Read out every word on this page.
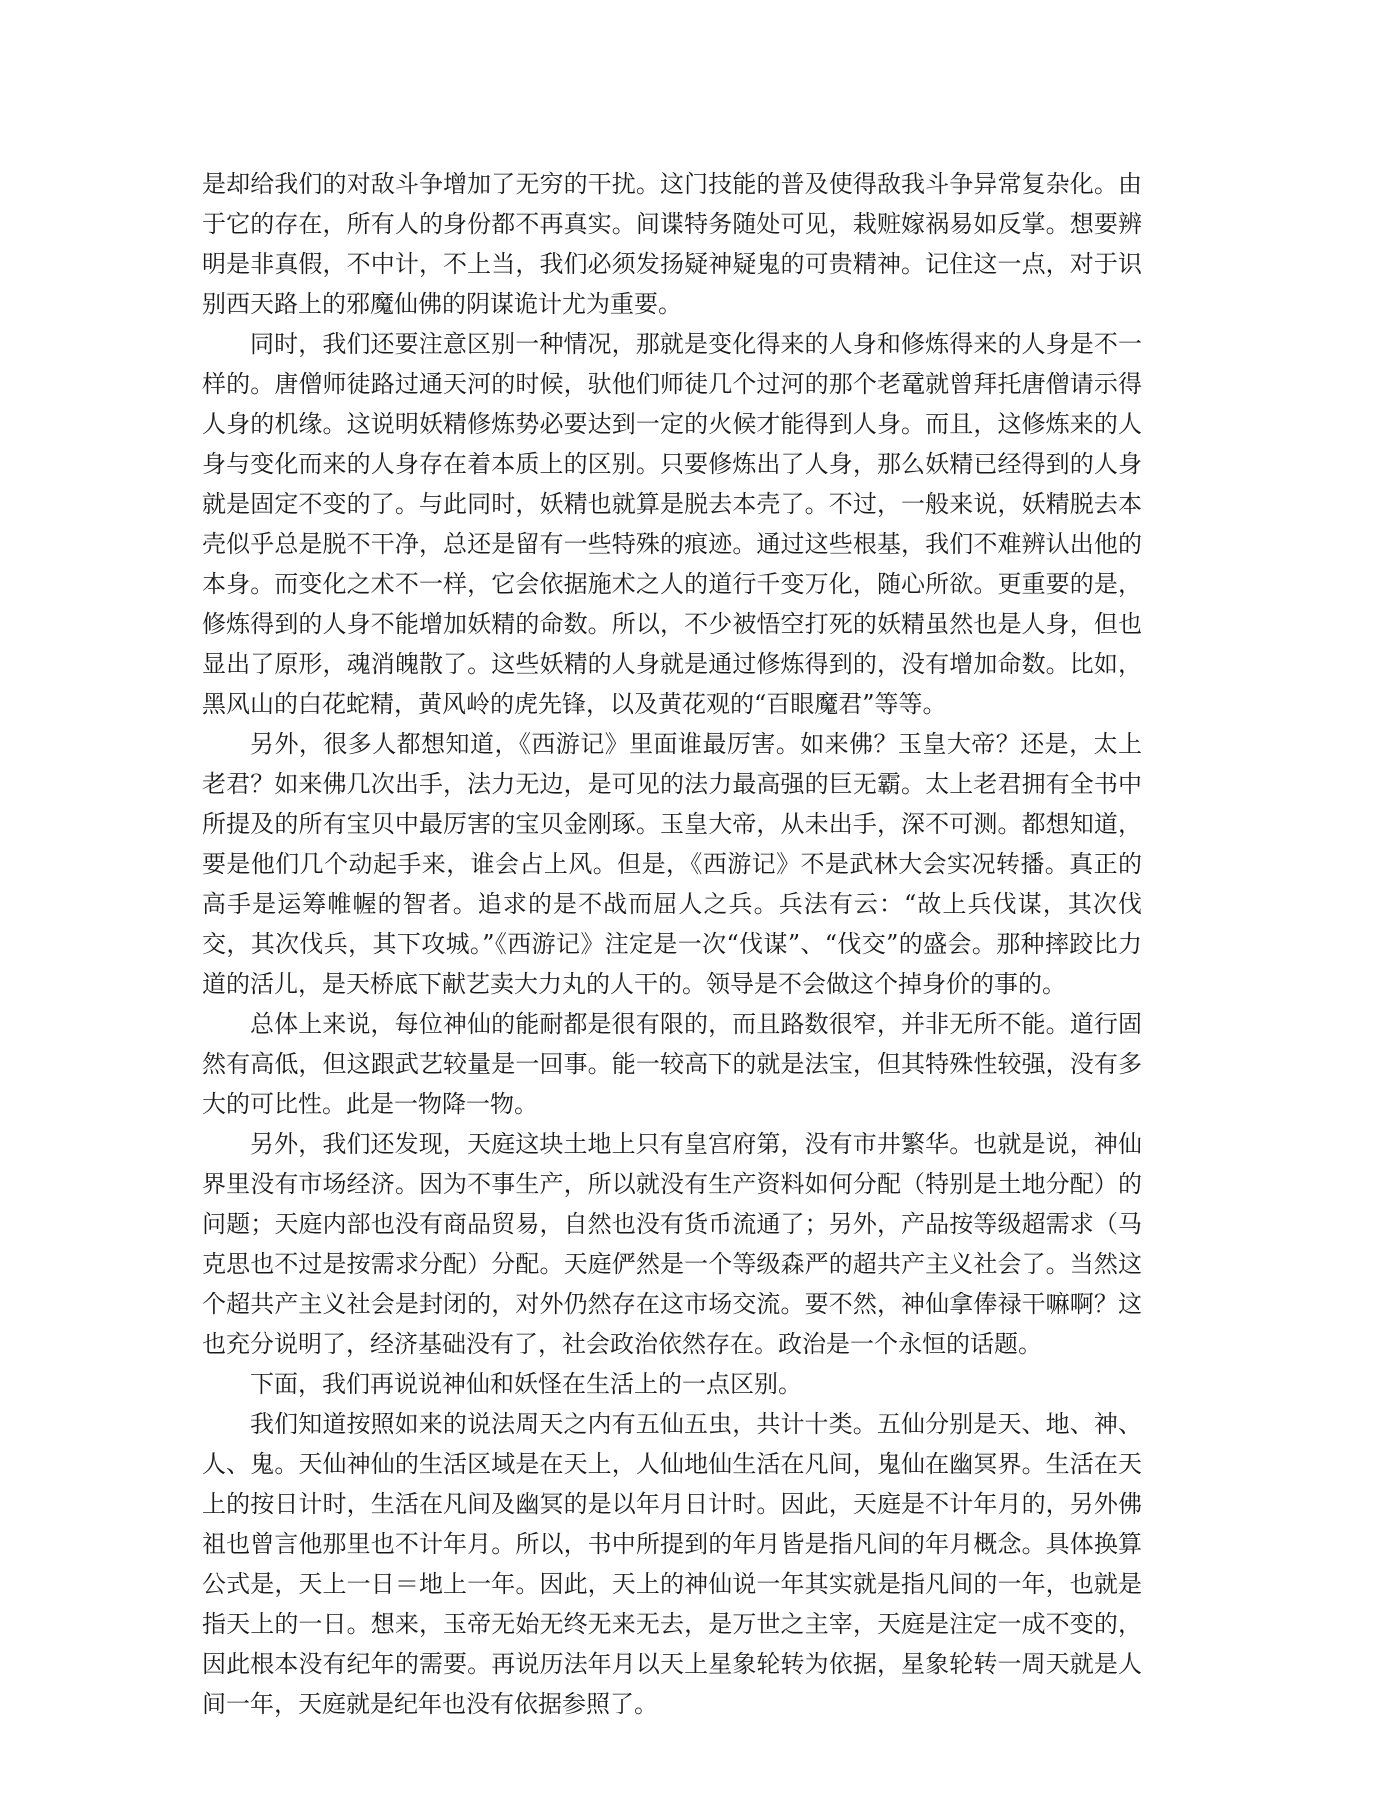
是却给我们的对敌斗争增加了无穷的干扰。这门技能的普及使得敌我斗争异常复杂化。由于它的存在，所有人的身份都不再真实。间谍特务随处可见，栽赃嫁祸易如反掌。想要辨明是非真假，不中计，不上当，我们必须发扬疑神疑鬼的可贵精神。记住这一点，对于识别西天路上的邪魔仙佛的阴谋诡计尤为重要。

同时，我们还要注意区别一种情况，那就是变化得来的人身和修炼得来的人身是不一样的。唐僧师徒路过通天河的时候，驮他们师徒几个过河的那个老鼋就曾拜托唐僧请示得人身的机缘。这说明妖精修炼势必要达到一定的火候才能得到人身。而且，这修炼来的人身与变化而来的人身存在着本质上的区别。只要修炼出了人身，那么妖精已经得到的人身就是固定不变的了。与此同时，妖精也就算是脱去本壳了。不过，一般来说，妖精脱去本壳似乎总是脱不干净，总还是留有一些特殊的痕迹。通过这些根基，我们不难辨认出他的本身。而变化之术不一样，它会依据施术之人的道行千变万化，随心所欲。更重要的是，修炼得到的人身不能增加妖精的命数。所以，不少被悟空打死的妖精虽然也是人身，但也显出了原形，魂消魄散了。这些妖精的人身就是通过修炼得到的，没有增加命数。比如，黑风山的白花蛇精，黄风岭的虎先锋，以及黄花观的“百眼魔君”等等。

另外，很多人都想知道，《西游记》里面谁最厉害。如来佛？玉皇大帝？还是，太上老君？如来佛几次出手，法力无边，是可见的法力最高强的巨无霸。太上老君拥有全书中所提及的所有宝贝中最厉害的宝贝金刚琢。玉皇大帝，从未出手，深不可测。都想知道，要是他们几个动起手来，谁会占上风。但是，《西游记》不是武林大会实况转播。真正的高手是运筹帷幄的智者。追求的是不战而屈人之兵。兵法有云：“故上兵伐谋，其次伐交，其次伐兵，其下攻城。”《西游记》注定是一次“伐谋”、“伐交”的盛会。那种摔跤比力道的活儿，是天桥底下献艺卖大力丸的人干的。领导是不会做这个掉身价的事的。

总体上来说，每位神仙的能耐都是很有限的，而且路数很窄，并非无所不能。道行固然有高低，但这跟武艺较量是一回事。能一较高下的就是法宝，但其特殊性较强，没有多大的可比性。此是一物降一物。

另外，我们还发现，天庭这块土地上只有皇宫府第，没有市井繁华。也就是说，神仙界里没有市场经济。因为不事生产，所以就没有生产资料如何分配（特别是土地分配）的问题；天庭内部也没有商品贸易，自然也没有货币流通了；另外，产品按等级超需求（马克思也不过是按需求分配）分配。天庭俨然是一个等级森严的超共产主义社会了。当然这个超共产主义社会是封闭的，对外仍然存在这市场交流。要不然，神仙拿俸禄干嘛啊？这也充分说明了，经济基础没有了，社会政治依然存在。政治是一个永恒的话题。

下面，我们再说说神仙和妖怪在生活上的一点区别。

我们知道按照如来的说法周天之内有五仙五虫，共计十类。五仙分别是天、地、神、人、鬼。天仙神仙的生活区域是在天上，人仙地仙生活在凡间，鬼仙在幽冥界。生活在天上的按日计时，生活在凡间及幽冥的是以年月日计时。因此，天庭是不计年月的，另外佛祖也曾言他那里也不计年月。所以，书中所提到的年月皆是指凡间的年月概念。具体换算公式是，天上一日＝地上一年。因此，天上的神仙说一年其实就是指凡间的一年，也就是指天上的一日。想来，玉帝无始无终无来无去，是万世之主宰，天庭是注定一成不变的，因此根本没有纪年的需要。再说历法年月以天上星象轮转为依据，星象轮转一周天就是人间一年，天庭就是纪年也没有依据参照了。
